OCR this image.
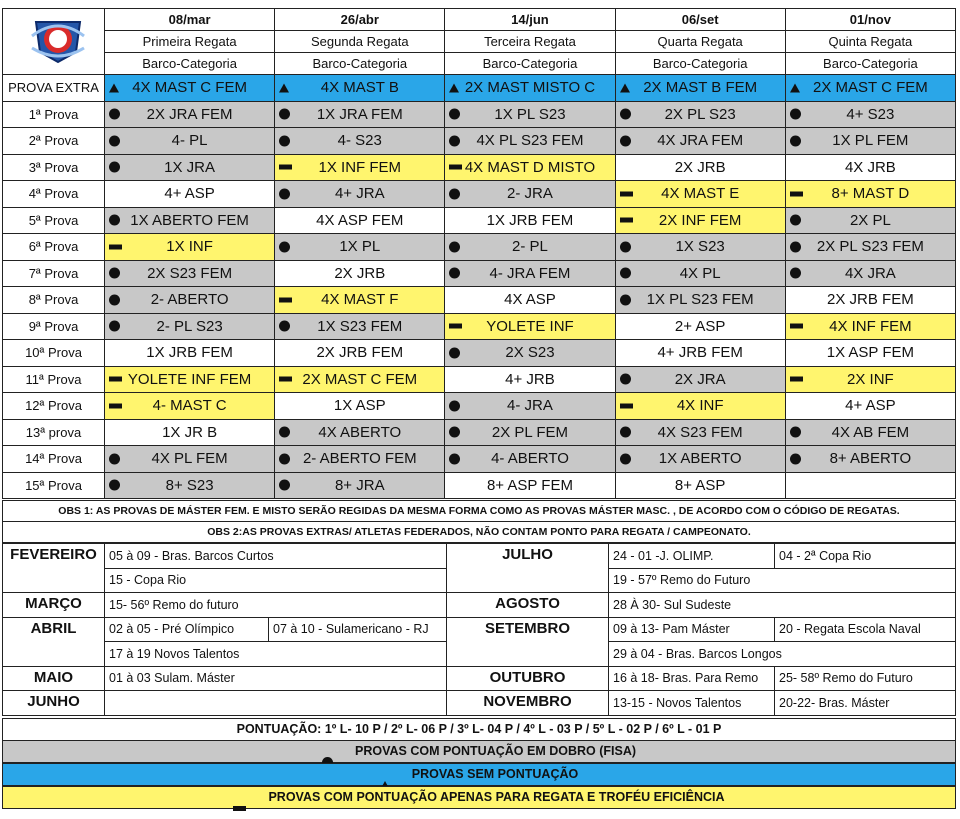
	08/mar	26/abr	14/jun	06/set	01/nov
	Primeira Regata	Segunda Regata	Terceira Regata	Quarta Regata	Quinta Regata
	Barco-Categoria	Barco-Categoria	Barco-Categoria	Barco-Categoria	Barco-Categoria
PROVA EXTRA	4X MAST C FEM	4X MAST B	2X MAST MISTO C	2X MAST B FEM	2X MAST C FEM
1ª Prova	2X JRA FEM	1X JRA FEM	1X PL S23	2X PL S23	4+ S23
2ª Prova	4- PL	4- S23	4X PL S23 FEM	4X JRA FEM	1X PL FEM
3ª Prova	1X JRA	1X INF FEM	4X MAST D MISTO	2X JRB	4X JRB
4ª Prova	4+ ASP	4+ JRA	2- JRA	4X MAST E	8+ MAST D
5ª Prova	1X ABERTO FEM	4X ASP FEM	1X JRB FEM	2X INF FEM	2X PL
6ª Prova	1X INF	1X PL	2- PL	1X S23	2X PL S23 FEM
7ª Prova	2X S23 FEM	2X JRB	4- JRA FEM	4X PL	4X JRA
8ª Prova	2- ABERTO	4X MAST F	4X ASP	1X PL S23 FEM	2X JRB FEM
9ª Prova	2- PL S23	1X S23 FEM	YOLETE INF	2+ ASP	4X INF FEM
10ª Prova	1X JRB FEM	2X JRB FEM	2X S23	4+ JRB FEM	1X ASP FEM
11ª Prova	YOLETE INF FEM	2X MAST C FEM	4+ JRB	2X JRA	2X INF
12ª Prova	4- MAST C	1X ASP	4- JRA	4X INF	4+ ASP
13ª prova	1X JR B	4X ABERTO	2X PL FEM	4X S23 FEM	4X AB FEM
14ª Prova	4X PL FEM	2- ABERTO FEM	4- ABERTO	1X ABERTO	8+ ABERTO
15ª Prova	8+ S23	8+ JRA	8+ ASP FEM	8+ ASP	
OBS 1: AS PROVAS DE MÁSTER FEM. E MISTO SERÃO REGIDAS DA MESMA FORMA COMO AS PROVAS MÁSTER MASC. , DE ACORDO COM O CÓDIGO DE REGATAS.
OBS 2:AS PROVAS EXTRAS/ ATLETAS FEDERADOS, NÃO CONTAM PONTO PARA REGATA / CAMPEONATO.
FEVEREIRO	05 à 09 - Bras. Barcos Curtos		JULHO	24 - 01 -J. OLIMP.	04 - 2ª Copa Rio
	15 - Copa Rio			19 - 57º Remo do Futuro	
MARÇO	15- 56º Remo do futuro		AGOSTO	28 À 30- Sul Sudeste	
ABRIL	02 à 05 - Pré Olímpico	07 à 10 - Sulamericano - RJ	SETEMBRO	09 à 13- Pam Máster	20 - Regata Escola Naval
	17 à 19 Novos Talentos			29 à 04 - Bras. Barcos Longos	
MAIO	01 à 03 Sulam. Máster		OUTUBRO	16 à 18- Bras. Para Remo	25- 58º Remo do Futuro
JUNHO			NOVEMBRO	13-15 - Novos Talentos	20-22- Bras. Máster
PONTUAÇÃO: 1º L- 10 P / 2º L- 06 P / 3º L- 04 P / 4º L - 03 P / 5º L - 02 P / 6º L - 01 P
PROVAS COM PONTUAÇÃO EM DOBRO (FISA)
PROVAS SEM PONTUAÇÃO
PROVAS COM PONTUAÇÃO APENAS PARA REGATA E TROFÉU EFICIÊNCIA
